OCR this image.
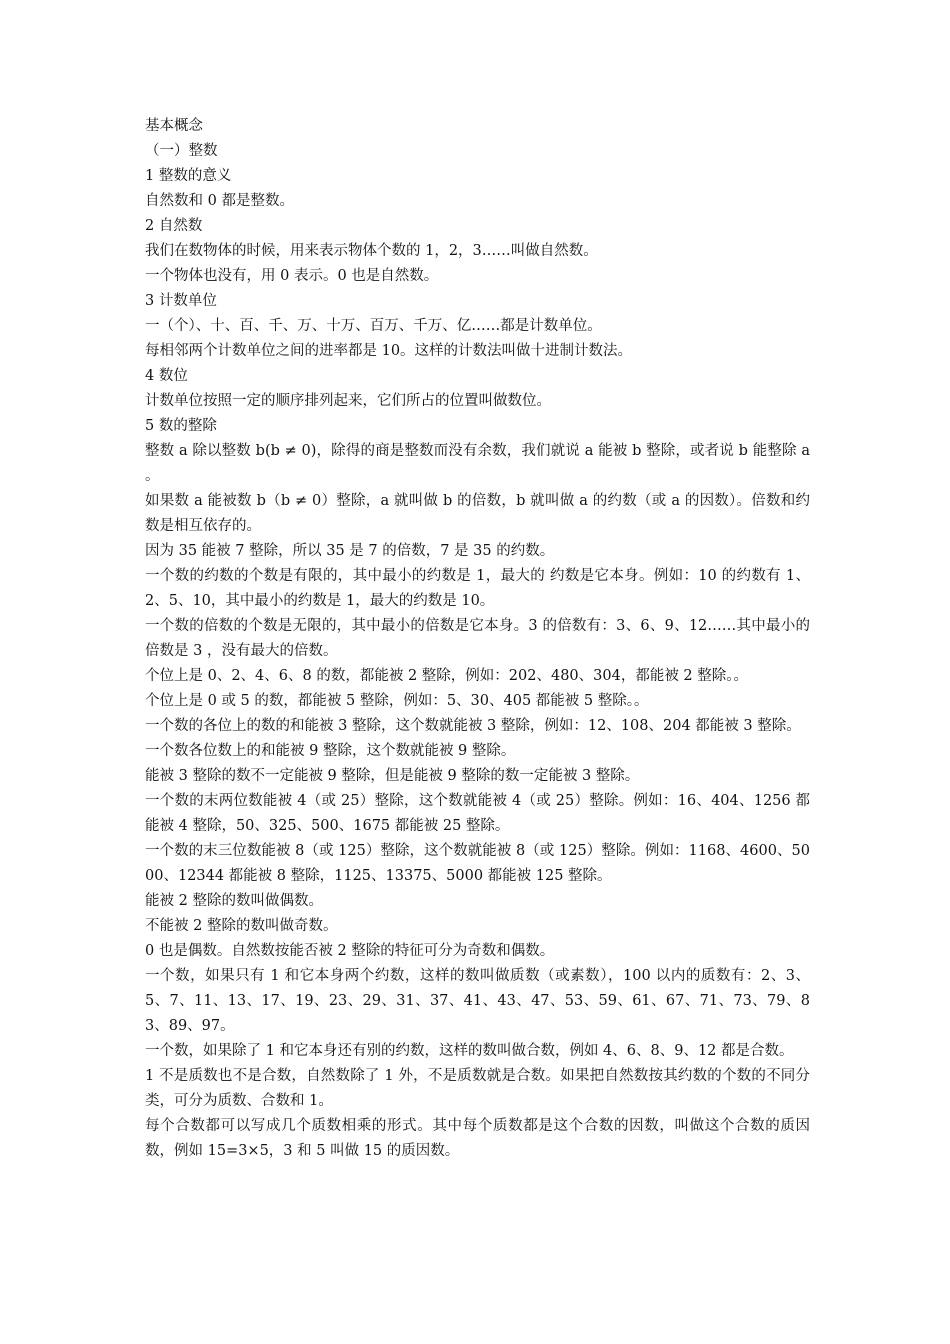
基本概念

（一）整数

1 整数的意义

自然数和 0 都是整数。

2 自然数

我们在数物体的时候，用来表示物体个数的 1，2，3……叫做自然数。

一个物体也没有，用 0 表示。0 也是自然数。

3 计数单位

一（个）、十、百、千、万、十万、百万、千万、亿……都是计数单位。

每相邻两个计数单位之间的进率都是 10。这样的计数法叫做十进制计数法。

4 数位

计数单位按照一定的顺序排列起来，它们所占的位置叫做数位。

5 数的整除

整数 a 除以整数 b(b ≠ 0)，除得的商是整数而没有余数，我们就说 a 能被 b 整除，或者说 b 能整除 a 。

如果数 a 能被数 b（b ≠ 0）整除，a 就叫做 b 的倍数，b 就叫做 a 的约数（或 a 的因数）。倍数和约数是相互依存的。

因为 35 能被 7 整除，所以 35 是 7 的倍数，7 是 35 的约数。

一个数的约数的个数是有限的，其中最小的约数是 1，最大的 约数是它本身。例如：10 的约数有 1、2、5、10，其中最小的约数是 1，最大的约数是 10。

一个数的倍数的个数是无限的，其中最小的倍数是它本身。3 的倍数有：3、6、9、12……其中最小的倍数是 3 ，没有最大的倍数。

个位上是 0、2、4、6、8 的数，都能被 2 整除，例如：202、480、304，都能被 2 整除。。

个位上是 0 或 5 的数，都能被 5 整除，例如：5、30、405 都能被 5 整除。。

一个数的各位上的数的和能被 3 整除，这个数就能被 3 整除，例如：12、108、204 都能被 3 整除。

一个数各位数上的和能被 9 整除，这个数就能被 9 整除。

能被 3 整除的数不一定能被 9 整除，但是能被 9 整除的数一定能被 3 整除。

一个数的末两位数能被 4（或 25）整除，这个数就能被 4（或 25）整除。例如：16、404、1256 都能被 4 整除，50、325、500、1675 都能被 25 整除。

一个数的末三位数能被 8（或 125）整除，这个数就能被 8（或 125）整除。例如：1168、4600、5000、12344 都能被 8 整除，1125、13375、5000 都能被 125 整除。

能被 2 整除的数叫做偶数。

不能被 2 整除的数叫做奇数。

0 也是偶数。自然数按能否被 2 整除的特征可分为奇数和偶数。

一个数，如果只有 1 和它本身两个约数，这样的数叫做质数（或素数），100 以内的质数有：2、3、5、7、11、13、17、19、23、29、31、37、41、43、47、53、59、61、67、71、73、79、83、89、97。

一个数，如果除了 1 和它本身还有别的约数，这样的数叫做合数，例如 4、6、8、9、12 都是合数。

1 不是质数也不是合数，自然数除了 1 外，不是质数就是合数。如果把自然数按其约数的个数的不同分类，可分为质数、合数和 1。

每个合数都可以写成几个质数相乘的形式。其中每个质数都是这个合数的因数，叫做这个合数的质因数，例如 15=3×5，3 和 5 叫做 15 的质因数。
